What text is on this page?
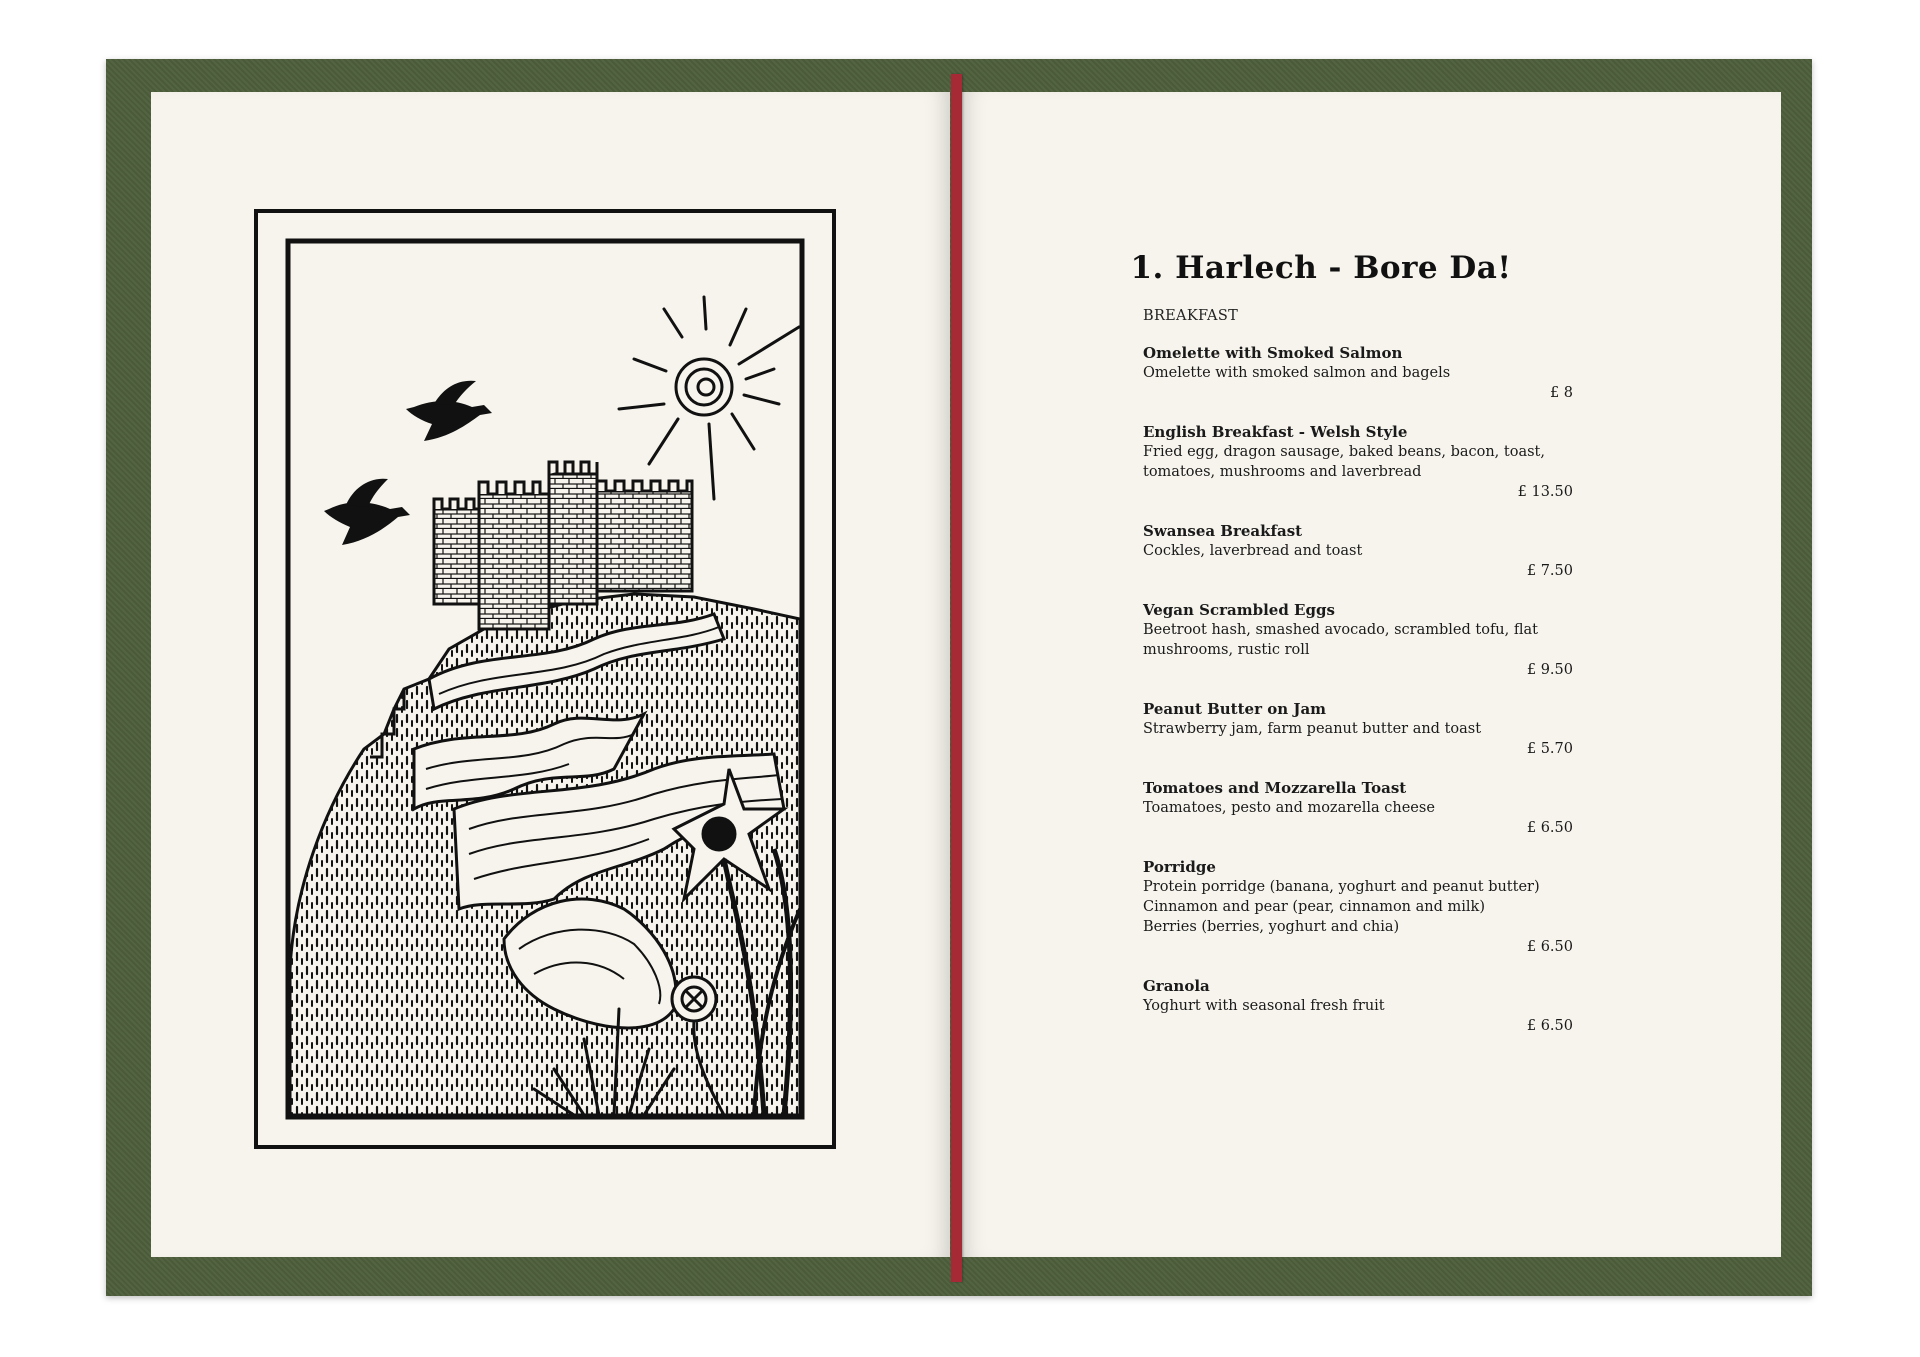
1. Harlech - Bore Da!
BREAKFAST
Omelette with Smoked Salmon
Omelette with smoked salmon and bagels
£ 8
English Breakfast - Welsh Style
Fried egg, dragon sausage, baked beans, bacon, toast,
tomatoes, mushrooms and laverbread
£ 13.50
Swansea Breakfast
Cockles, laverbread and toast
£ 7.50
Vegan Scrambled Eggs
Beetroot hash, smashed avocado, scrambled tofu, flat
mushrooms, rustic roll
£ 9.50
Peanut Butter on Jam
Strawberry jam, farm peanut butter and toast
£ 5.70
Tomatoes and Mozzarella Toast
Toamatoes, pesto and mozarella cheese
£ 6.50
Porridge
Protein porridge (banana, yoghurt and peanut butter)
Cinnamon and pear (pear, cinnamon and milk)
Berries (berries, yoghurt and chia)
£ 6.50
Granola
Yoghurt with seasonal fresh fruit
£ 6.50
